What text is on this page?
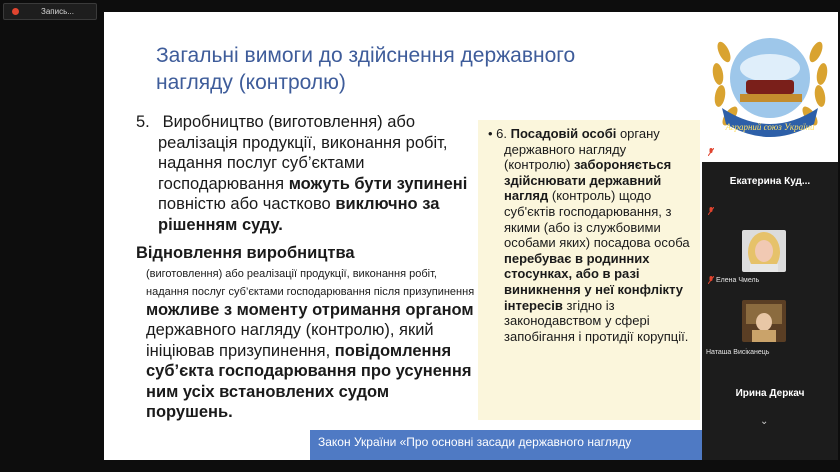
Запись...
Загальні вимоги до здійснення державного нагляду (контролю)

5. Виробництво (виготовлення) або реалізація продукції, виконання робіт, надання послуг суб’єктами господарювання можуть бути зупинені повністю або частково виключно за рішенням суду.

Відновлення виробництва
(виготовлення) або реалізації продукції, виконання робіт, надання послуг суб’єктами господарювання після призупинення можливе з моменту отримання органом державного нагляду (контролю), який ініціював призупинення, повідомлення суб’єкта господарювання про усунення ним усіх встановлених судом порушень.

• 6. Посадовій особі органу державного нагляду (контролю) забороняється здійснювати державний нагляд (контроль) щодо суб'єктів господарювання, з якими (або із службовими особами яких) посадова особа перебуває в родинних стосунках, або в разі виникнення у неї конфлікту інтересів згідно із законодавством у сфері запобігання і протидії корупції.

Закон України «Про основні засади державного нагляду
Аграрний союз України
Екатерина Куд...
Елена Чмель
Наташа Висіканець
Ирина Деркач
⌄
